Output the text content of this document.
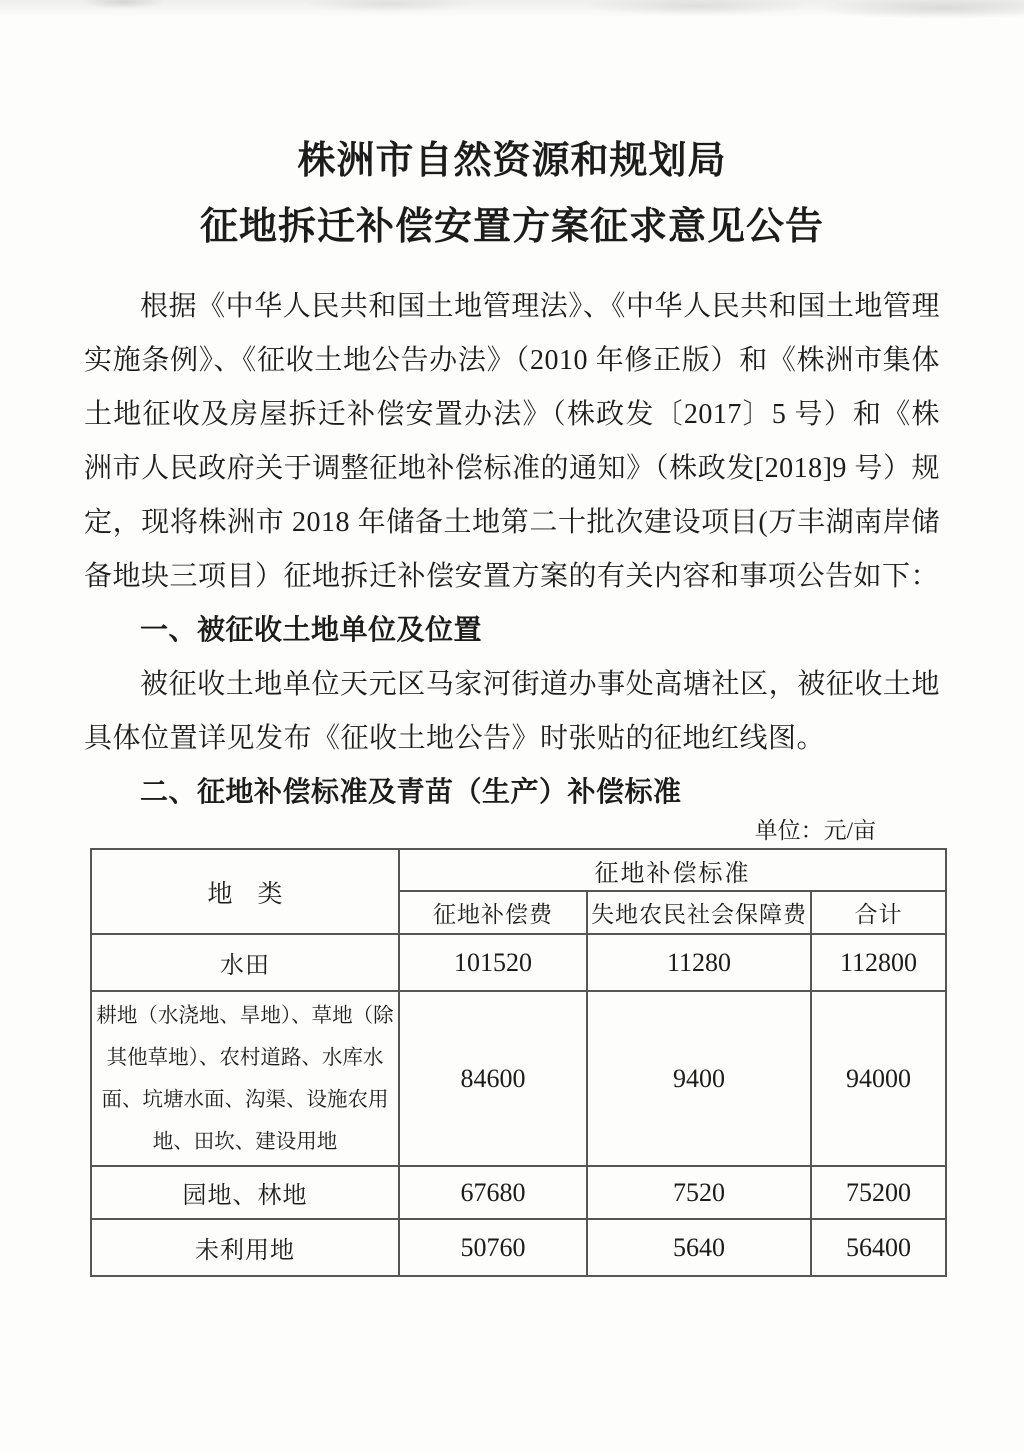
株洲市自然资源和规划局
征地拆迁补偿安置方案征求意见公告

根据《中华人民共和国土地管理法》、《中华人民共和国土地管理实施条例》、《征收土地公告办法》（2010 年修正版）和《株洲市集体土地征收及房屋拆迁补偿安置办法》（株政发〔2017〕5 号）和《株洲市人民政府关于调整征地补偿标准的通知》（株政发[2018]9 号）规定，现将株洲市 2018 年储备土地第二十批次建设项目(万丰湖南岸储备地块三项目）征地拆迁补偿安置方案的有关内容和事项公告如下：

一、被征收土地单位及位置

被征收土地单位天元区马家河街道办事处高塘社区，被征收土地具体位置详见发布《征收土地公告》时张贴的征地红线图。

二、征地补偿标准及青苗（生产）补偿标准

单位：元/亩
地　类	征地补偿标准		
	征地补偿费	失地农民社会保障费	合计
水田	101520	11280	112800
耕地（水浇地、旱地）、草地（除其他草地）、农村道路、水库水面、坑塘水面、沟渠、设施农用地、田坎、建设用地	84600	9400	94000
园地、林地	67680	7520	75200
未利用地	50760	5640	56400
